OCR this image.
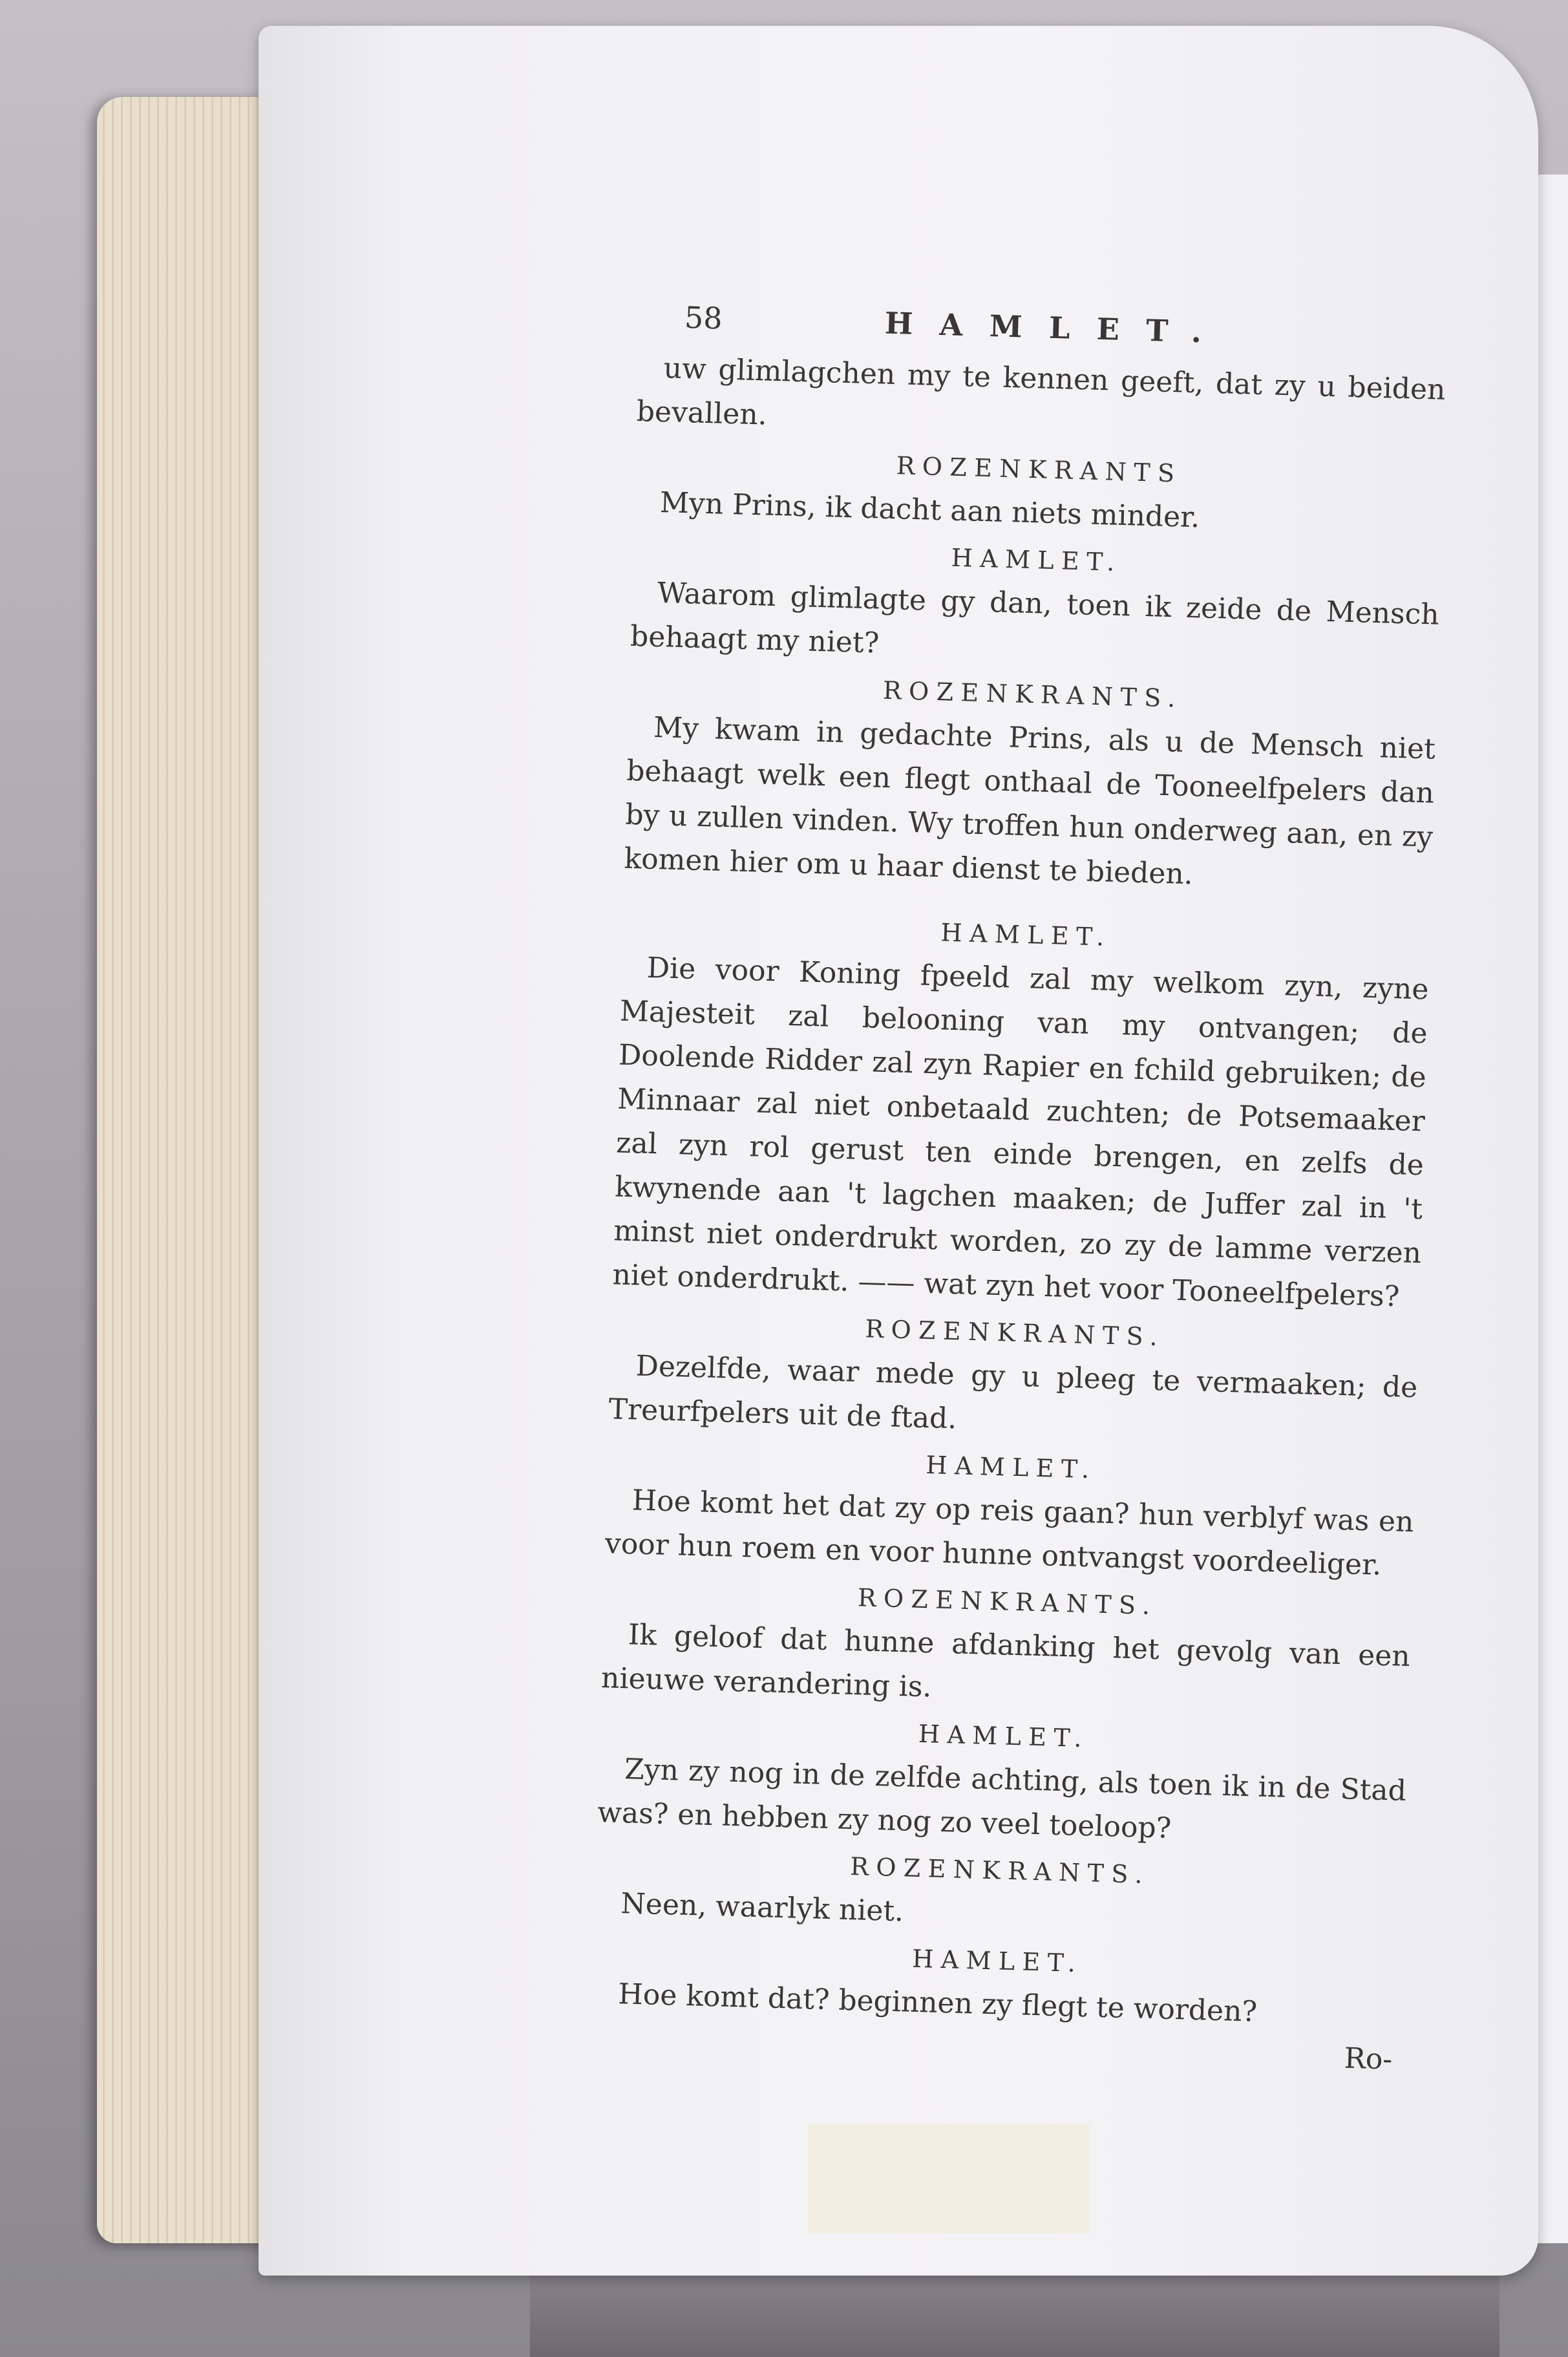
58	HAMLET.

uw glimlagchen my te kennen geeft, dat zy u beiden bevallen.

ROZENKRANTS

Myn Prins, ik dacht aan niets minder.

HAMLET.

Waarom glimlagte gy dan, toen ik zeide de Mensch behaagt my niet?

ROZENKRANTS.

My kwam in gedachte Prins, als u de Mensch niet behaagt welk een flegt onthaal de Tooneelfpelers dan by u zullen vinden. Wy troffen hun onderweg aan, en zy komen hier om u haar dienst te bieden.

HAMLET.

Die voor Koning fpeeld zal my welkom zyn, zyne Majesteit zal belooning van my ontvangen; de Doolende Ridder zal zyn Rapier en fchild gebruiken; de Minnaar zal niet onbetaald zuchten; de Potsemaaker zal zyn rol gerust ten einde brengen, en zelfs de kwynende aan 't lagchen maaken; de Juffer zal in 't minst niet onderdrukt worden, zo zy de lamme verzen niet onderdrukt. —— wat zyn het voor Tooneelfpelers?

ROZENKRANTS.

Dezelfde, waar mede gy u pleeg te vermaaken; de Treurfpelers uit de ftad.

HAMLET.

Hoe komt het dat zy op reis gaan? hun verblyf was en voor hun roem en voor hunne ontvangst voordeeliger.

ROZENKRANTS.

Ik geloof dat hunne afdanking het gevolg van een nieuwe verandering is.

HAMLET.

Zyn zy nog in de zelfde achting, als toen ik in de Stad was? en hebben zy nog zo veel toeloop?

ROZENKRANTS.

Neen, waarlyk niet.

HAMLET.

Hoe komt dat? beginnen zy flegt te worden?

Ro-
